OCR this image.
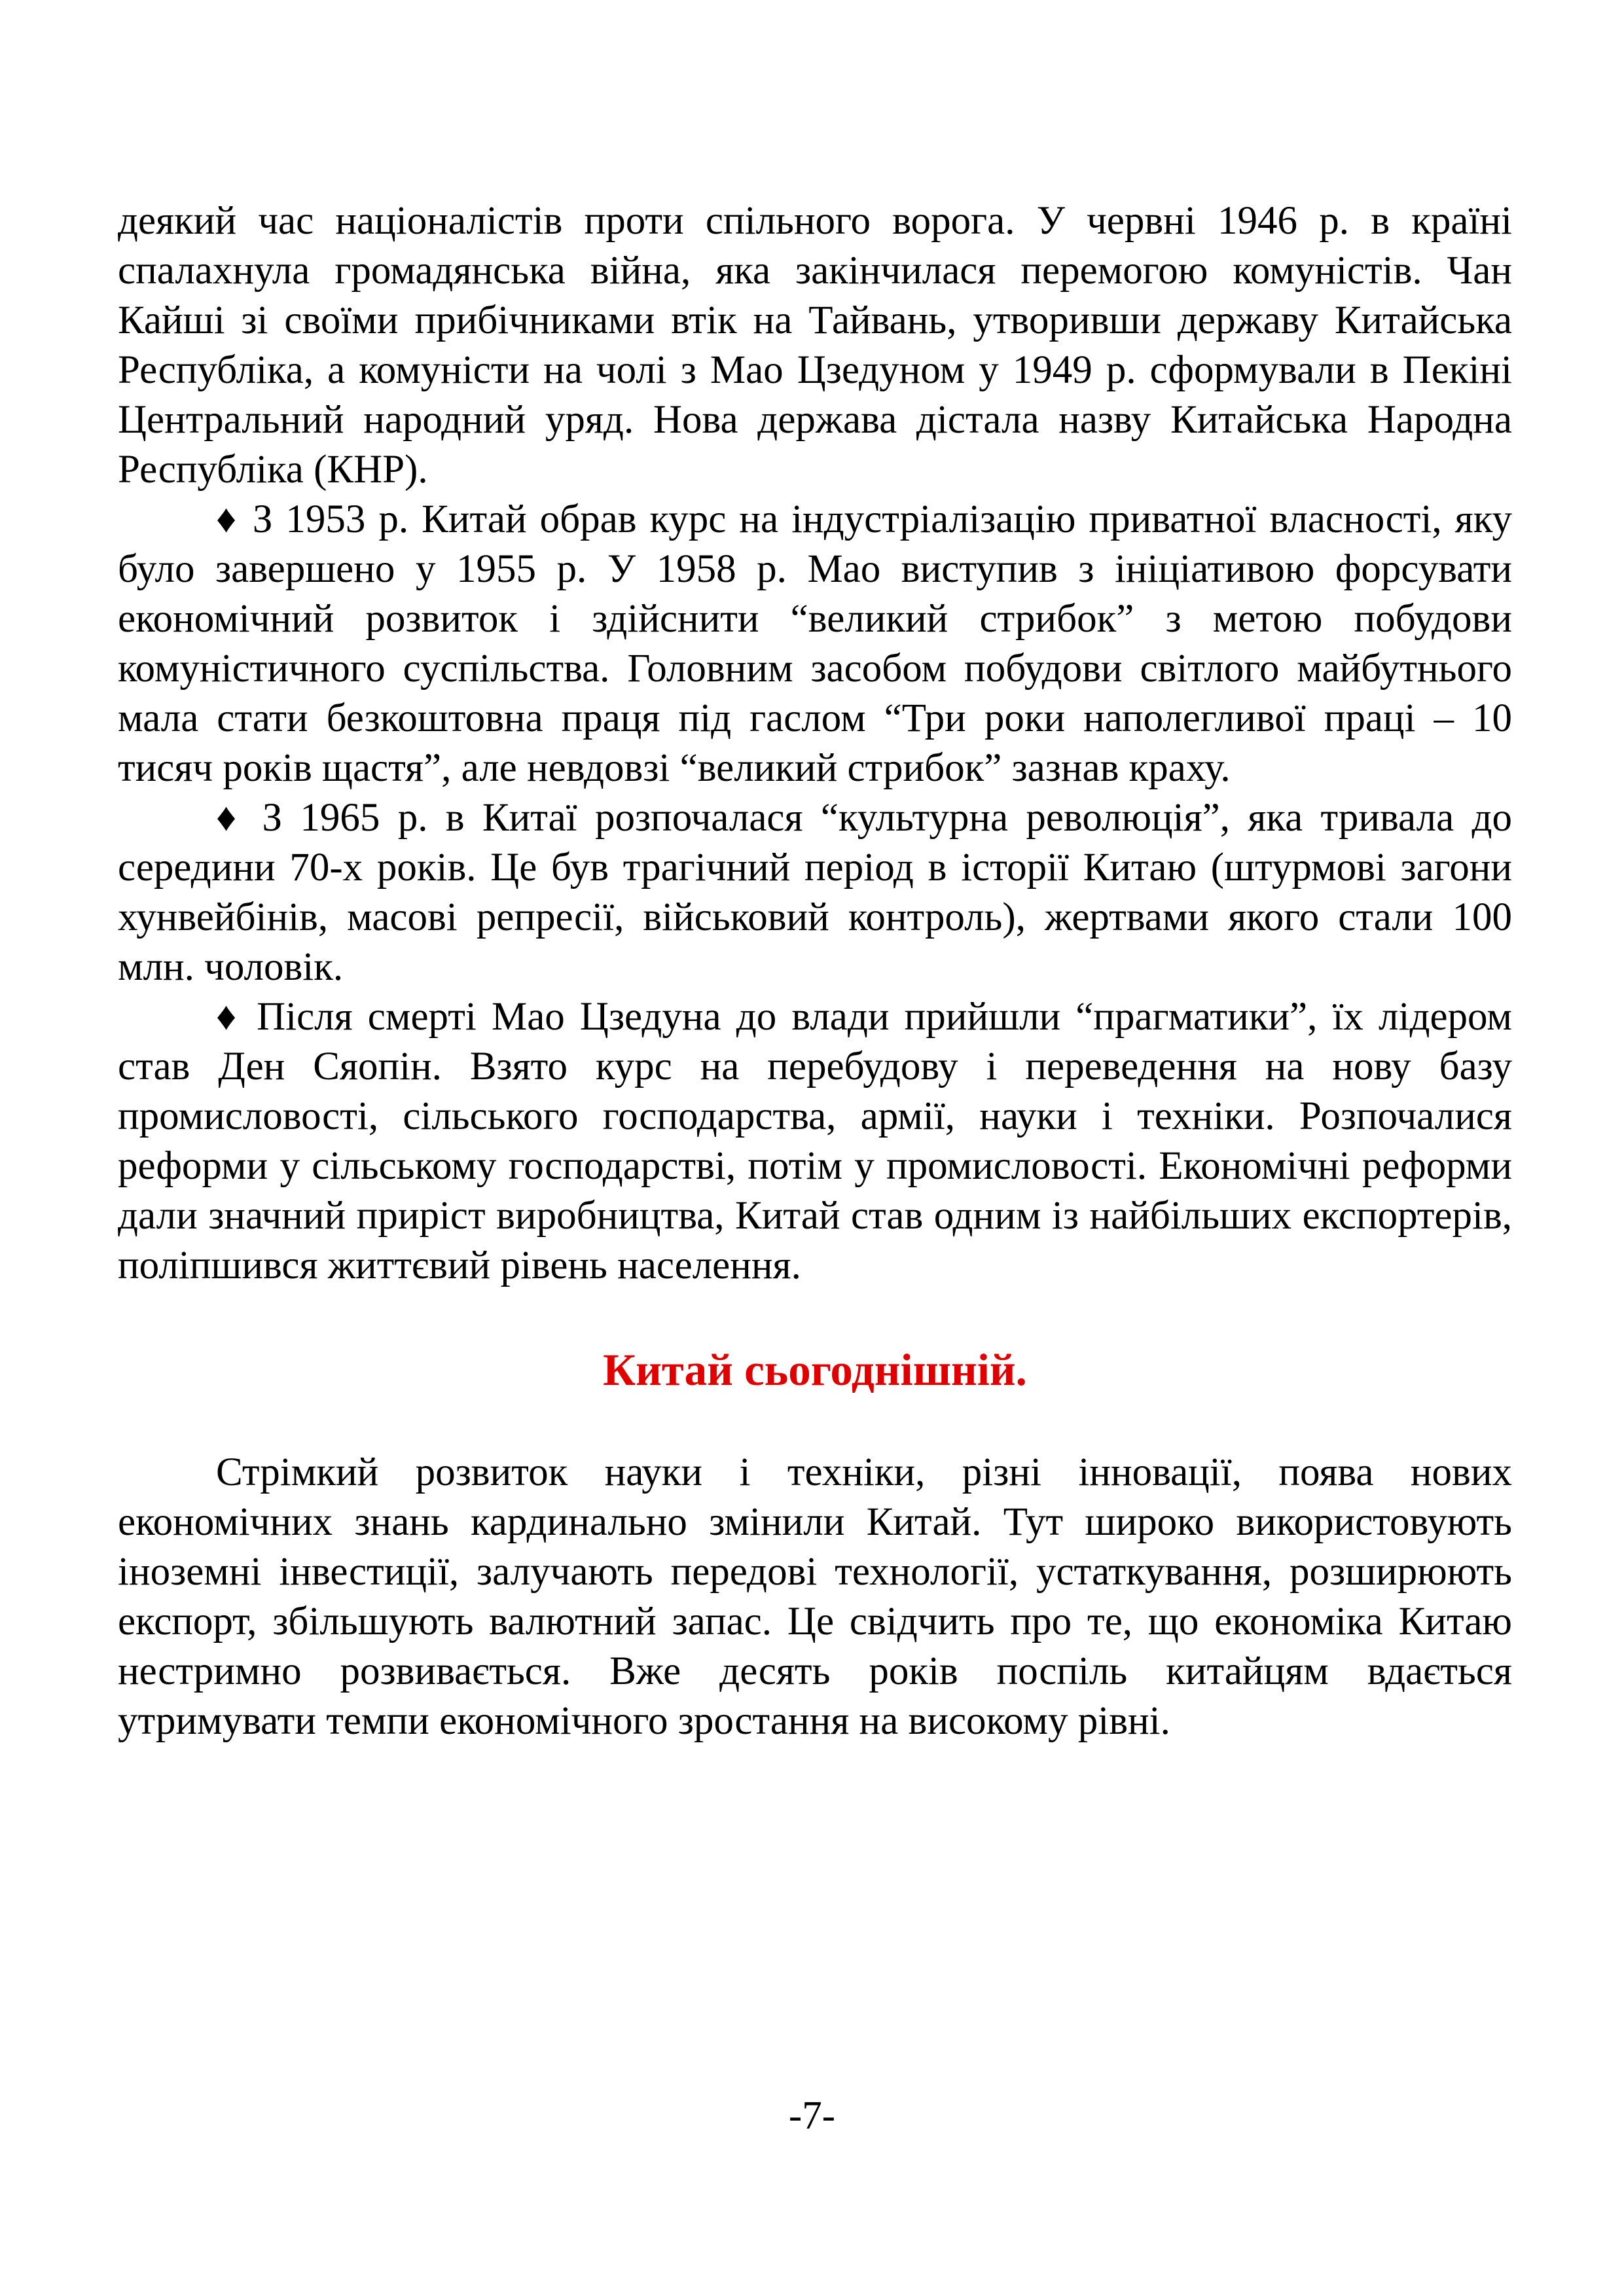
деякий час націоналістів проти спільного ворога. У червні 1946 р. в країні спалахнула громадянська війна, яка закінчилася перемогою комуністів. Чан Кайші зі своїми прибічниками втік на Тайвань, утворивши державу Китайська Республіка, а комуністи на чолі з Мао Цзедуном у 1949 р. сформували в Пекіні Центральний народний уряд. Нова держава дістала назву Китайська Народна Республіка (КНР).

♦ З 1953 р. Китай обрав курс на індустріалізацію приватної власності, яку було завершено у 1955 р. У 1958 р. Мао виступив з ініціативою форсувати економічний розвиток і здійснити “великий стрибок” з метою побудови комуністичного суспільства. Головним засобом побудови світлого майбутнього мала стати безкоштовна праця під гаслом “Три роки наполегливої праці – 10 тисяч років щастя”, але невдовзі “великий стрибок” зазнав краху.

♦ З 1965 р. в Китаї розпочалася “культурна революція”, яка тривала до середини 70-х років. Це був трагічний період в історії Китаю (штурмові загони хунвейбінів, масові репресії, військовий контроль), жертвами якого стали 100 млн. чоловік.

♦ Після смерті Мао Цзедуна до влади прийшли “прагматики”, їх лідером став Ден Сяопін. Взято курс на перебудову і переведення на нову базу промисловості, сільського господарства, армії, науки і техніки. Розпочалися реформи у сільському господарстві, потім у промисловості. Економічні реформи дали значний приріст виробництва, Китай став одним із найбільших експортерів, поліпшився життєвий рівень населення.

Китай сьогоднішній.

Стрімкий розвиток науки і техніки, різні інновації, поява нових економічних знань кардинально змінили Китай. Тут широко використовують іноземні інвестиції, залучають передові технології, устаткування, розширюють експорт, збільшують валютний запас. Це свідчить про те, що економіка Китаю нестримно розвивається. Вже десять років поспіль китайцям вдається утримувати темпи економічного зростання на високому рівні.

-7-
